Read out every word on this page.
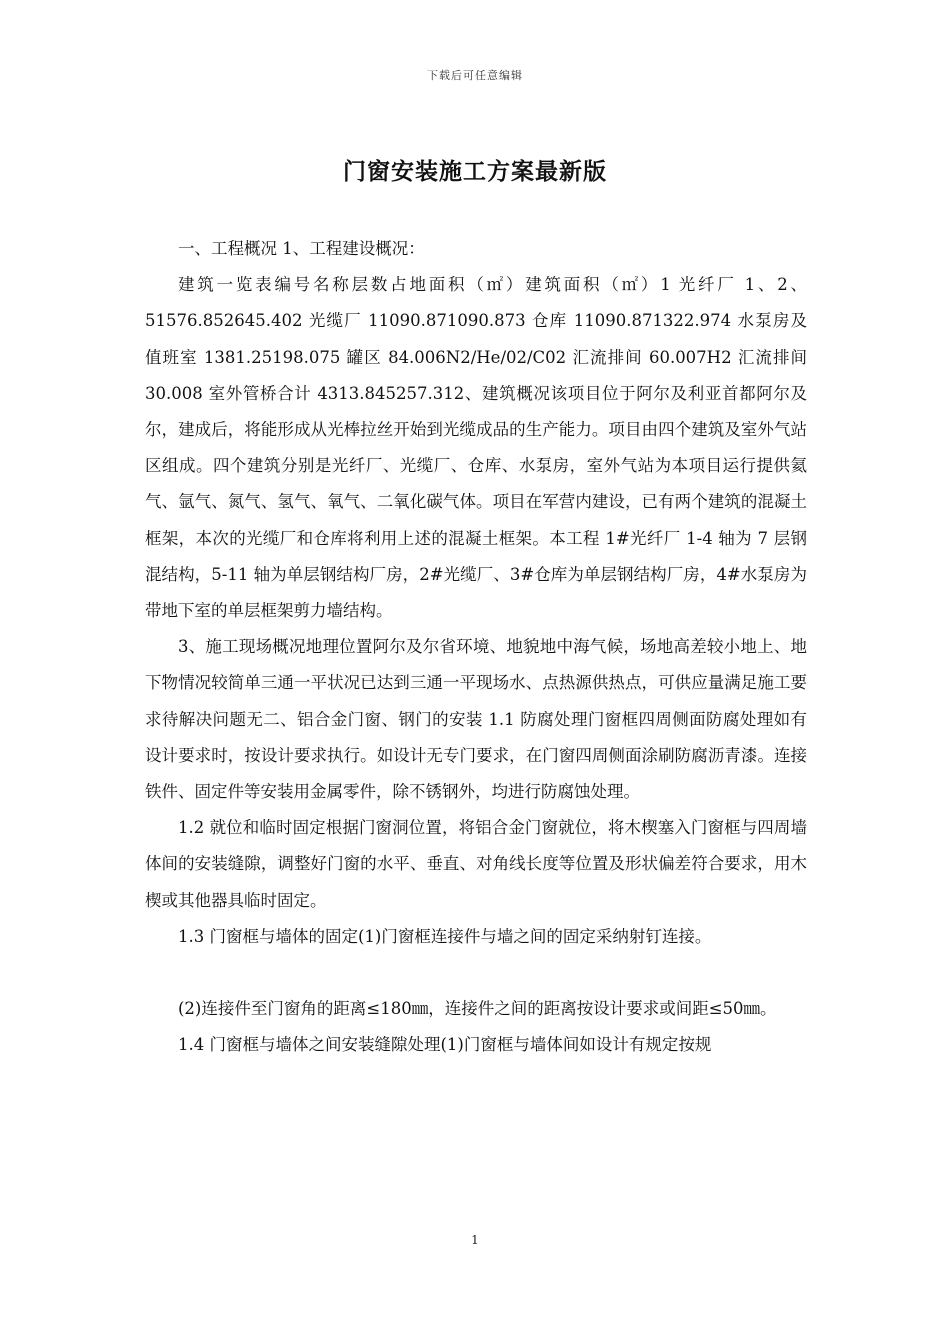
下载后可任意编辑
门窗安装施工方案最新版

一、工程概况 1、工程建设概况：

建筑一览表编号名称层数占地面积（㎡）建筑面积（㎡）1 光纤厂 1、2、51576.852645.402 光缆厂 11090.871090.873 仓库 11090.871322.974 水泵房及值班室 1381.25198.075 罐区 84.006N2/He/02/C02 汇流排间 60.007H2 汇流排间 30.008 室外管桥合计 4313.845257.312、建筑概况该项目位于阿尔及利亚首都阿尔及尔，建成后，将能形成从光棒拉丝开始到光缆成品的生产能力。项目由四个建筑及室外气站区组成。四个建筑分别是光纤厂、光缆厂、仓库、水泵房，室外气站为本项目运行提供氦气、氩气、氮气、氢气、氧气、二氧化碳气体。项目在军营内建设，已有两个建筑的混凝土框架，本次的光缆厂和仓库将利用上述的混凝土框架。本工程 1#光纤厂 1-4 轴为 7 层钢混结构，5-11 轴为单层钢结构厂房，2#光缆厂、3#仓库为单层钢结构厂房，4#水泵房为带地下室的单层框架剪力墙结构。

3、施工现场概况地理位置阿尔及尔省环境、地貌地中海气候，场地高差较小地上、地下物情况较简单三通一平状况已达到三通一平现场水、点热源供热点，可供应量满足施工要求待解决问题无二、铝合金门窗、钢门的安装 1.1 防腐处理门窗框四周侧面防腐处理如有设计要求时，按设计要求执行。如设计无专门要求，在门窗四周侧面涂刷防腐沥青漆。连接铁件、固定件等安装用金属零件，除不锈钢外，均进行防腐蚀处理。

1.2 就位和临时固定根据门窗洞位置，将铝合金门窗就位，将木楔塞入门窗框与四周墙体间的安装缝隙，调整好门窗的水平、垂直、对角线长度等位置及形状偏差符合要求，用木楔或其他器具临时固定。

1.3 门窗框与墙体的固定(1)门窗框连接件与墙之间的固定采纳射钉连接。

(2)连接件至门窗角的距离≤180㎜，连接件之间的距离按设计要求或间距≤50㎜。

1.4 门窗框与墙体之间安装缝隙处理(1)门窗框与墙体间如设计有规定按规

1
